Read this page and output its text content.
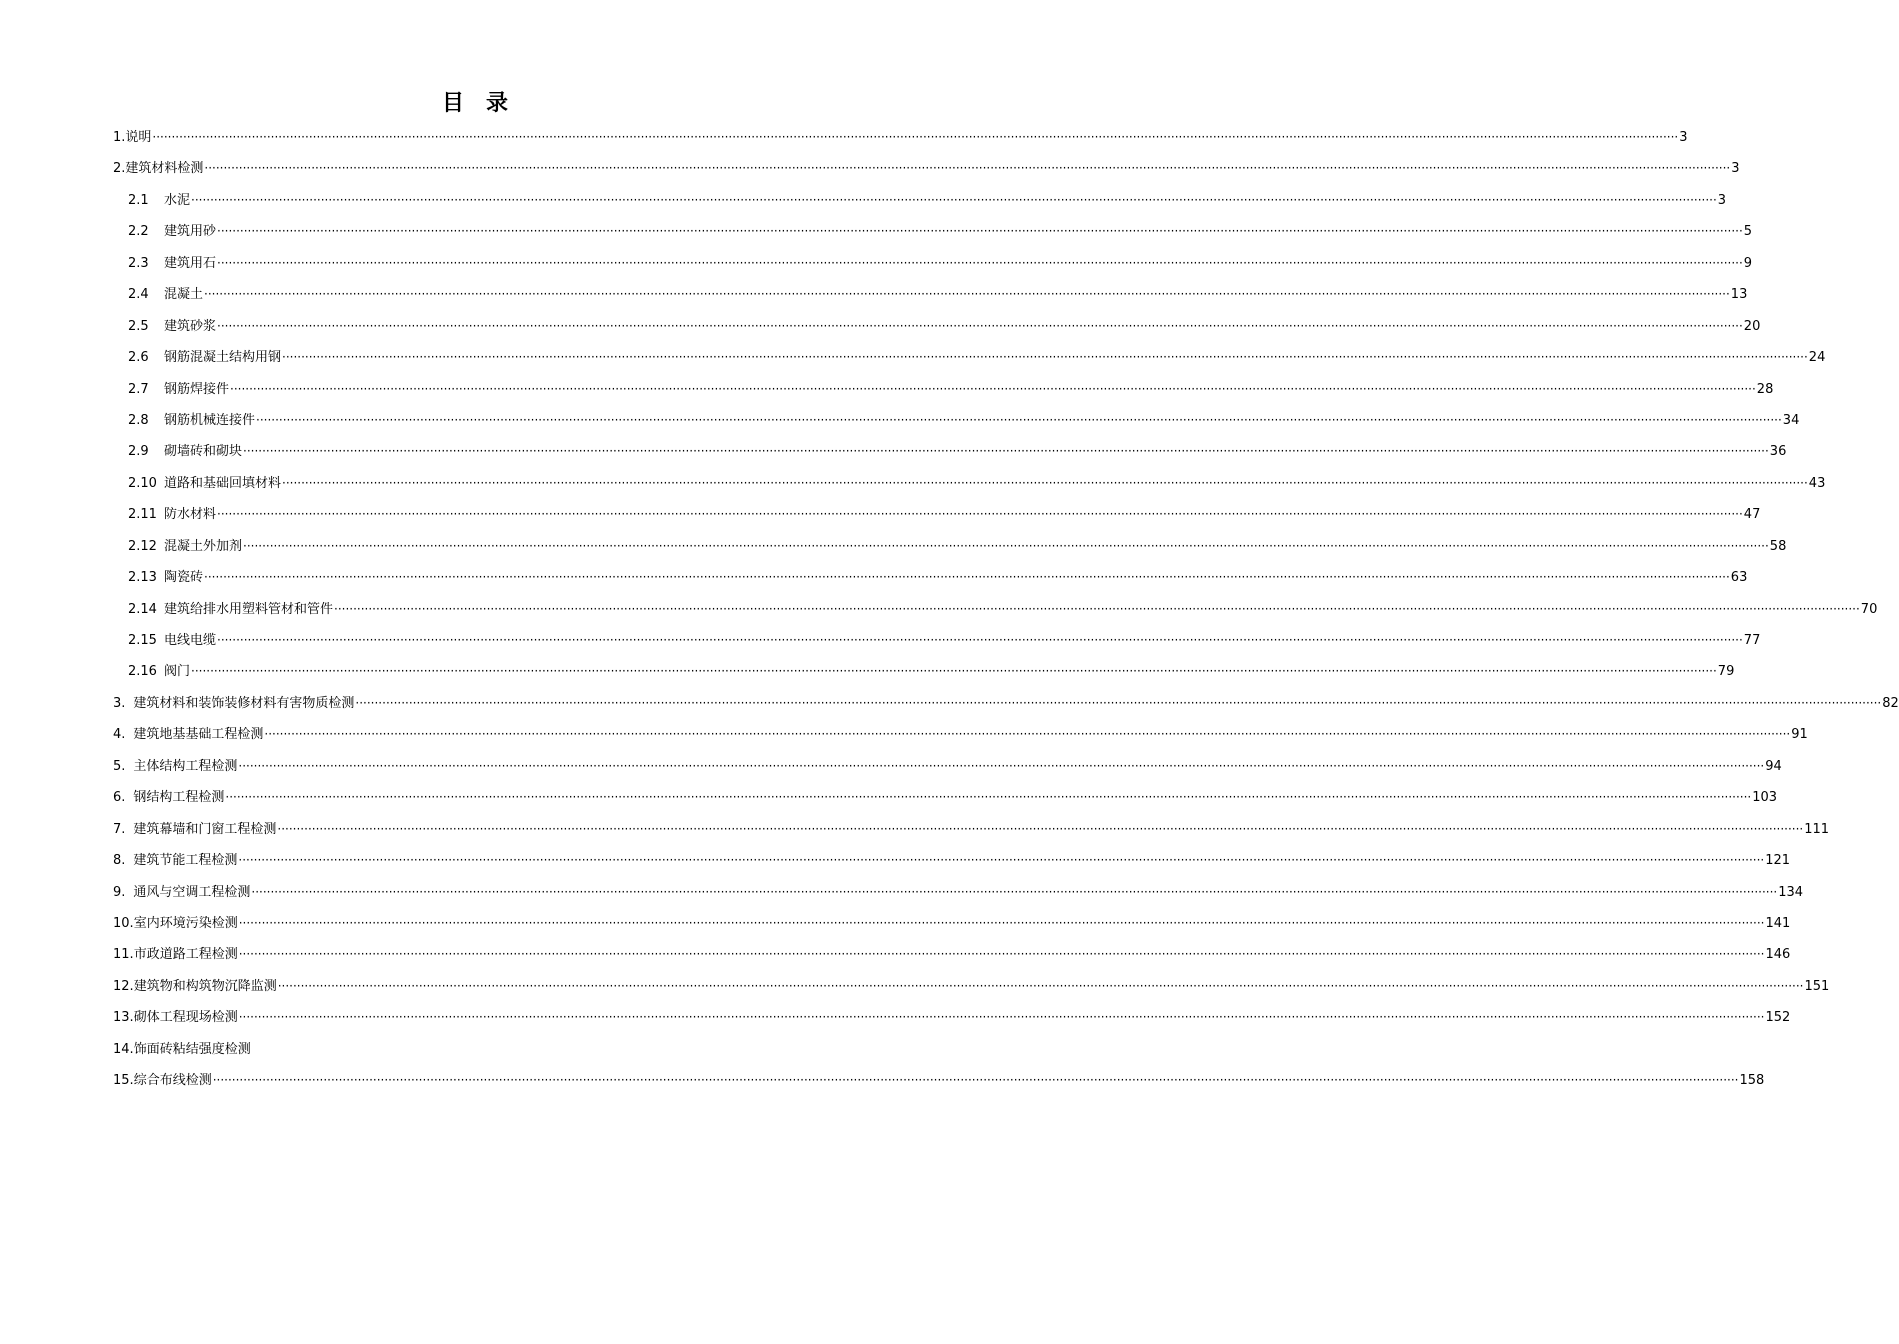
目　录
1. 说明 ················································································································································································································································································································································································································ 3
2. 建筑材料检测 ················································································································································································································································································································································································································ 3
2.1	水泥 ················································································································································································································································································································································································································ 3
2.2	建筑用砂 ················································································································································································································································································································································································································ 5
2.3	建筑用石 ················································································································································································································································································································································································································ 9
2.4	混凝土 ················································································································································································································································································································································································································ 13
2.5	建筑砂浆 ················································································································································································································································································································································································································ 20
2.6	钢筋混凝土结构用钢 ················································································································································································································································································································································································································ 24
2.7	钢筋焊接件 ················································································································································································································································································································································································································ 28
2.8	钢筋机械连接件 ················································································································································································································································································································································································································ 34
2.9	砌墙砖和砌块 ················································································································································································································································································································································································································ 36
2.10 道路和基础回填材料 ················································································································································································································································································································································································································ 43
2.11 防水材料 ················································································································································································································································································································································································································ 47
2.12 混凝土外加剂 ················································································································································································································································································································································································································ 58
2.13 陶瓷砖 ················································································································································································································································································································································································································ 63
2.14 建筑给排水用塑料管材和管件 ················································································································································································································································································································································································································ 70
2.15 电线电缆 ················································································································································································································································································································································································································ 77
2.16 阀门 ················································································································································································································································································································································································································ 79
3. 建筑材料和装饰装修材料有害物质检测 ················································································································································································································································································································································································································ 82
4. 建筑地基基础工程检测 ················································································································································································································································································································································································································ 91
5. 主体结构工程检测 ················································································································································································································································································································································································································ 94
6. 钢结构工程检测 ················································································································································································································································································································································································································ 103
7. 建筑幕墙和门窗工程检测 ················································································································································································································································································································································································································ 111
8. 建筑节能工程检测 ················································································································································································································································································································································································································ 121
9. 通风与空调工程检测 ················································································································································································································································································································································································································ 134
10. 室内环境污染检测 ················································································································································································································································································································································································································ 141
11. 市政道路工程检测 ················································································································································································································································································································································································································ 146
12. 建筑物和构筑物沉降监测 ················································································································································································································································································································································································································ 151
13. 砌体工程现场检测 ················································································································································································································································································································································································································ 152
14. 饰面砖粘结强度检测
15. 综合布线检测 ················································································································································································································································································································································································································ 158
